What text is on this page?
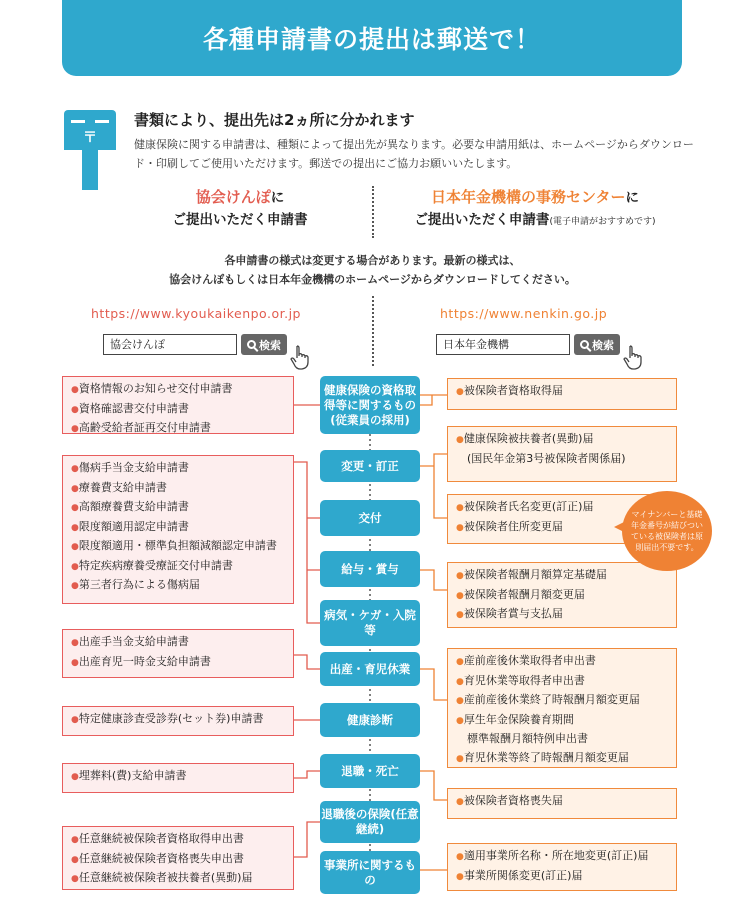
各種申請書の提出は郵送で！
〒
書類により、提出先は2ヵ所に分かれます
健康保険に関する申請書は、種類によって提出先が異なります。必要な申請用紙は、ホームページからダウンロード・印刷してご使用いただけます。郵送での提出にご協力お願いいたします。
協会けんぽに
ご提出いただく申請書
日本年金機構の事務センターに
ご提出いただく申請書(電子申請がおすすめです)
各申請書の様式は変更する場合があります。最新の様式は、
協会けんぽもしくは日本年金機構のホームページからダウンロードしてください。
https://www.kyoukaikenpo.or.jp	https://www.nenkin.go.jp
協会けんぽ	検索	日本年金機構	検索
●資格情報のお知らせ交付申請書
●資格確認書交付申請書
●高齢受給者証再交付申請書
●傷病手当金支給申請書
●療養費支給申請書
●高額療養費支給申請書
●限度額適用認定申請書
●限度額適用・標準負担額減額認定申請書
●特定疾病療養受療証交付申請書
●第三者行為による傷病届
●出産手当金支給申請書
●出産育児一時金支給申請書
●特定健康診査受診券(セット券)申請書
●埋葬料(費)支給申請書
●任意継続被保険者資格取得申出書
●任意継続被保険者資格喪失申出書
●任意継続被保険者被扶養者(異動)届
健康保険の資格取得等に関するもの(従業員の採用)
変更・訂正
交付
給与・賞与
病気・ケガ・入院等
出産・育児休業
健康診断
退職・死亡
退職後の保険(任意継続)
事業所に関するもの
●被保険者資格取得届
●健康保険被扶養者(異動)届
(国民年金第3号被保険者関係届)
●被保険者氏名変更(訂正)届
●被保険者住所変更届
●被保険者報酬月額算定基礎届
●被保険者報酬月額変更届
●被保険者賞与支払届
●産前産後休業取得者申出書
●育児休業等取得者申出書
●産前産後休業終了時報酬月額変更届
●厚生年金保険養育期間
標準報酬月額特例申出書
●育児休業等終了時報酬月額変更届
●被保険者資格喪失届
●適用事業所名称・所在地変更(訂正)届
●事業所関係変更(訂正)届
マイナンバーと基礎年金番号が結びついている被保険者は原則届出不要です。
